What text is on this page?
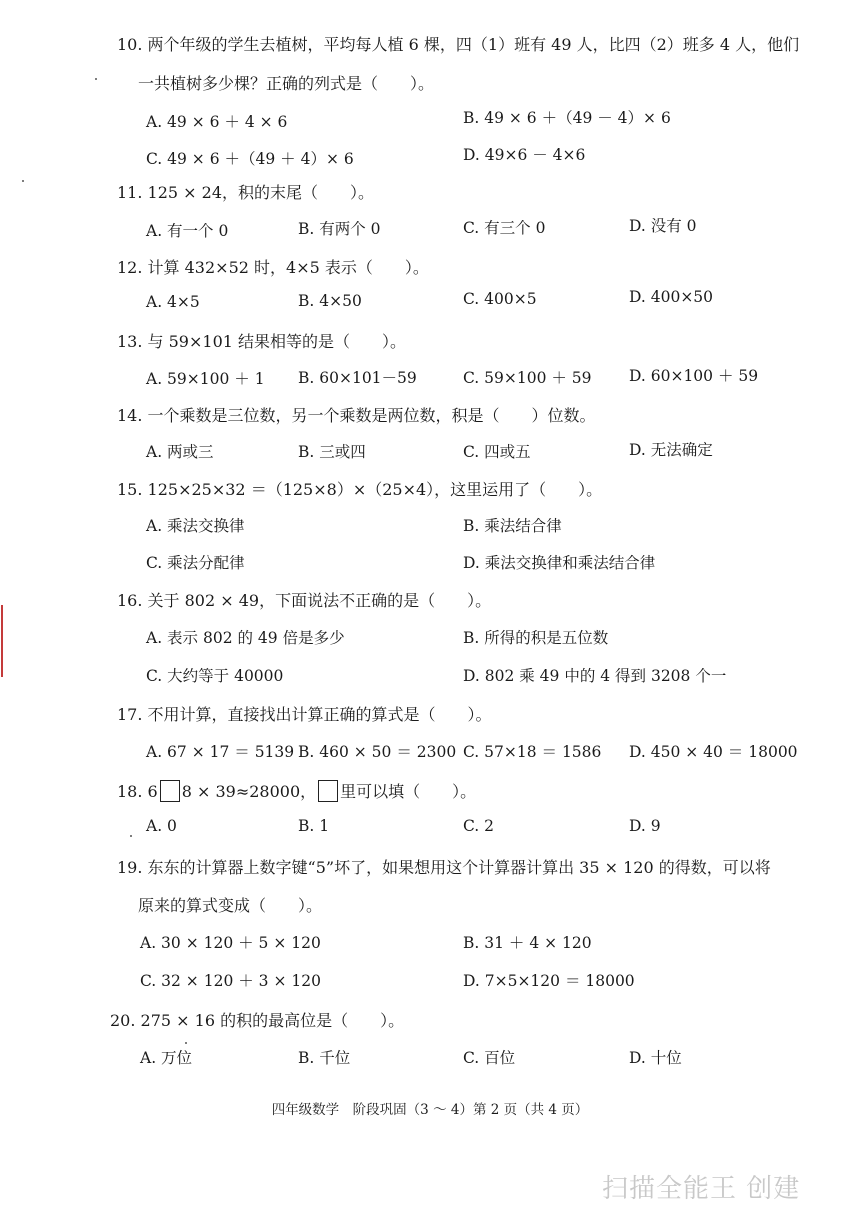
10. 两个年级的学生去植树，平均每人植 6 棵，四（1）班有 49 人，比四（2）班多 4 人，他们
一共植树多少棵？正确的列式是（　　）。
A. 49 × 6 ＋ 4 × 6	B. 49 × 6 ＋（49 － 4）× 6
C. 49 × 6 ＋（49 ＋ 4）× 6	D. 49×6 － 4×6
11. 125 × 24，积的末尾（　　）。
A. 有一个 0	B. 有两个 0	C. 有三个 0	D. 没有 0
12. 计算 432×52 时，4×5 表示（　　）。
A. 4×5	B. 4×50	C. 400×5	D. 400×50
13. 与 59×101 结果相等的是（　　）。
A. 59×100 ＋ 1 B. 60×101－59	C. 59×100 ＋ 59 D. 60×100 ＋ 59
14. 一个乘数是三位数，另一个乘数是两位数，积是（　　）位数。
A. 两或三	B. 三或四	C. 四或五	D. 无法确定
15. 125×25×32 ＝（125×8）×（25×4），这里运用了（　　）。
A. 乘法交换律	B. 乘法结合律
C. 乘法分配律	D. 乘法交换律和乘法结合律
16. 关于 802 × 49，下面说法不正确的是（　　）。
A. 表示 802 的 49 倍是多少	B. 所得的积是五位数
C. 大约等于 40000	D. 802 乘 49 中的 4 得到 3208 个一
17. 不用计算，直接找出计算正确的算式是（　　）。
A. 67 × 17 ＝ 5139 B. 460 × 50 ＝ 2300 C. 57×18 ＝ 1586 D. 450 × 40 ＝ 18000
18. 6 8 × 39≈28000， 里可以填（　　）。
A. 0	B. 1	C. 2	D. 9
19. 东东的计算器上数字键“5”坏了，如果想用这个计算器计算出 35 × 120 的得数，可以将
原来的算式变成（　　）。
A. 30 × 120 ＋ 5 × 120	B. 31 ＋ 4 × 120
C. 32 × 120 ＋ 3 × 120	D. 7×5×120 ＝ 18000
20. 275 × 16 的积的最高位是（　　）。
A. 万位	B. 千位	C. 百位	D. 十位
四年级数学　阶段巩固（3 ～ 4）第 2 页（共 4 页）
扫描全能王 创建
